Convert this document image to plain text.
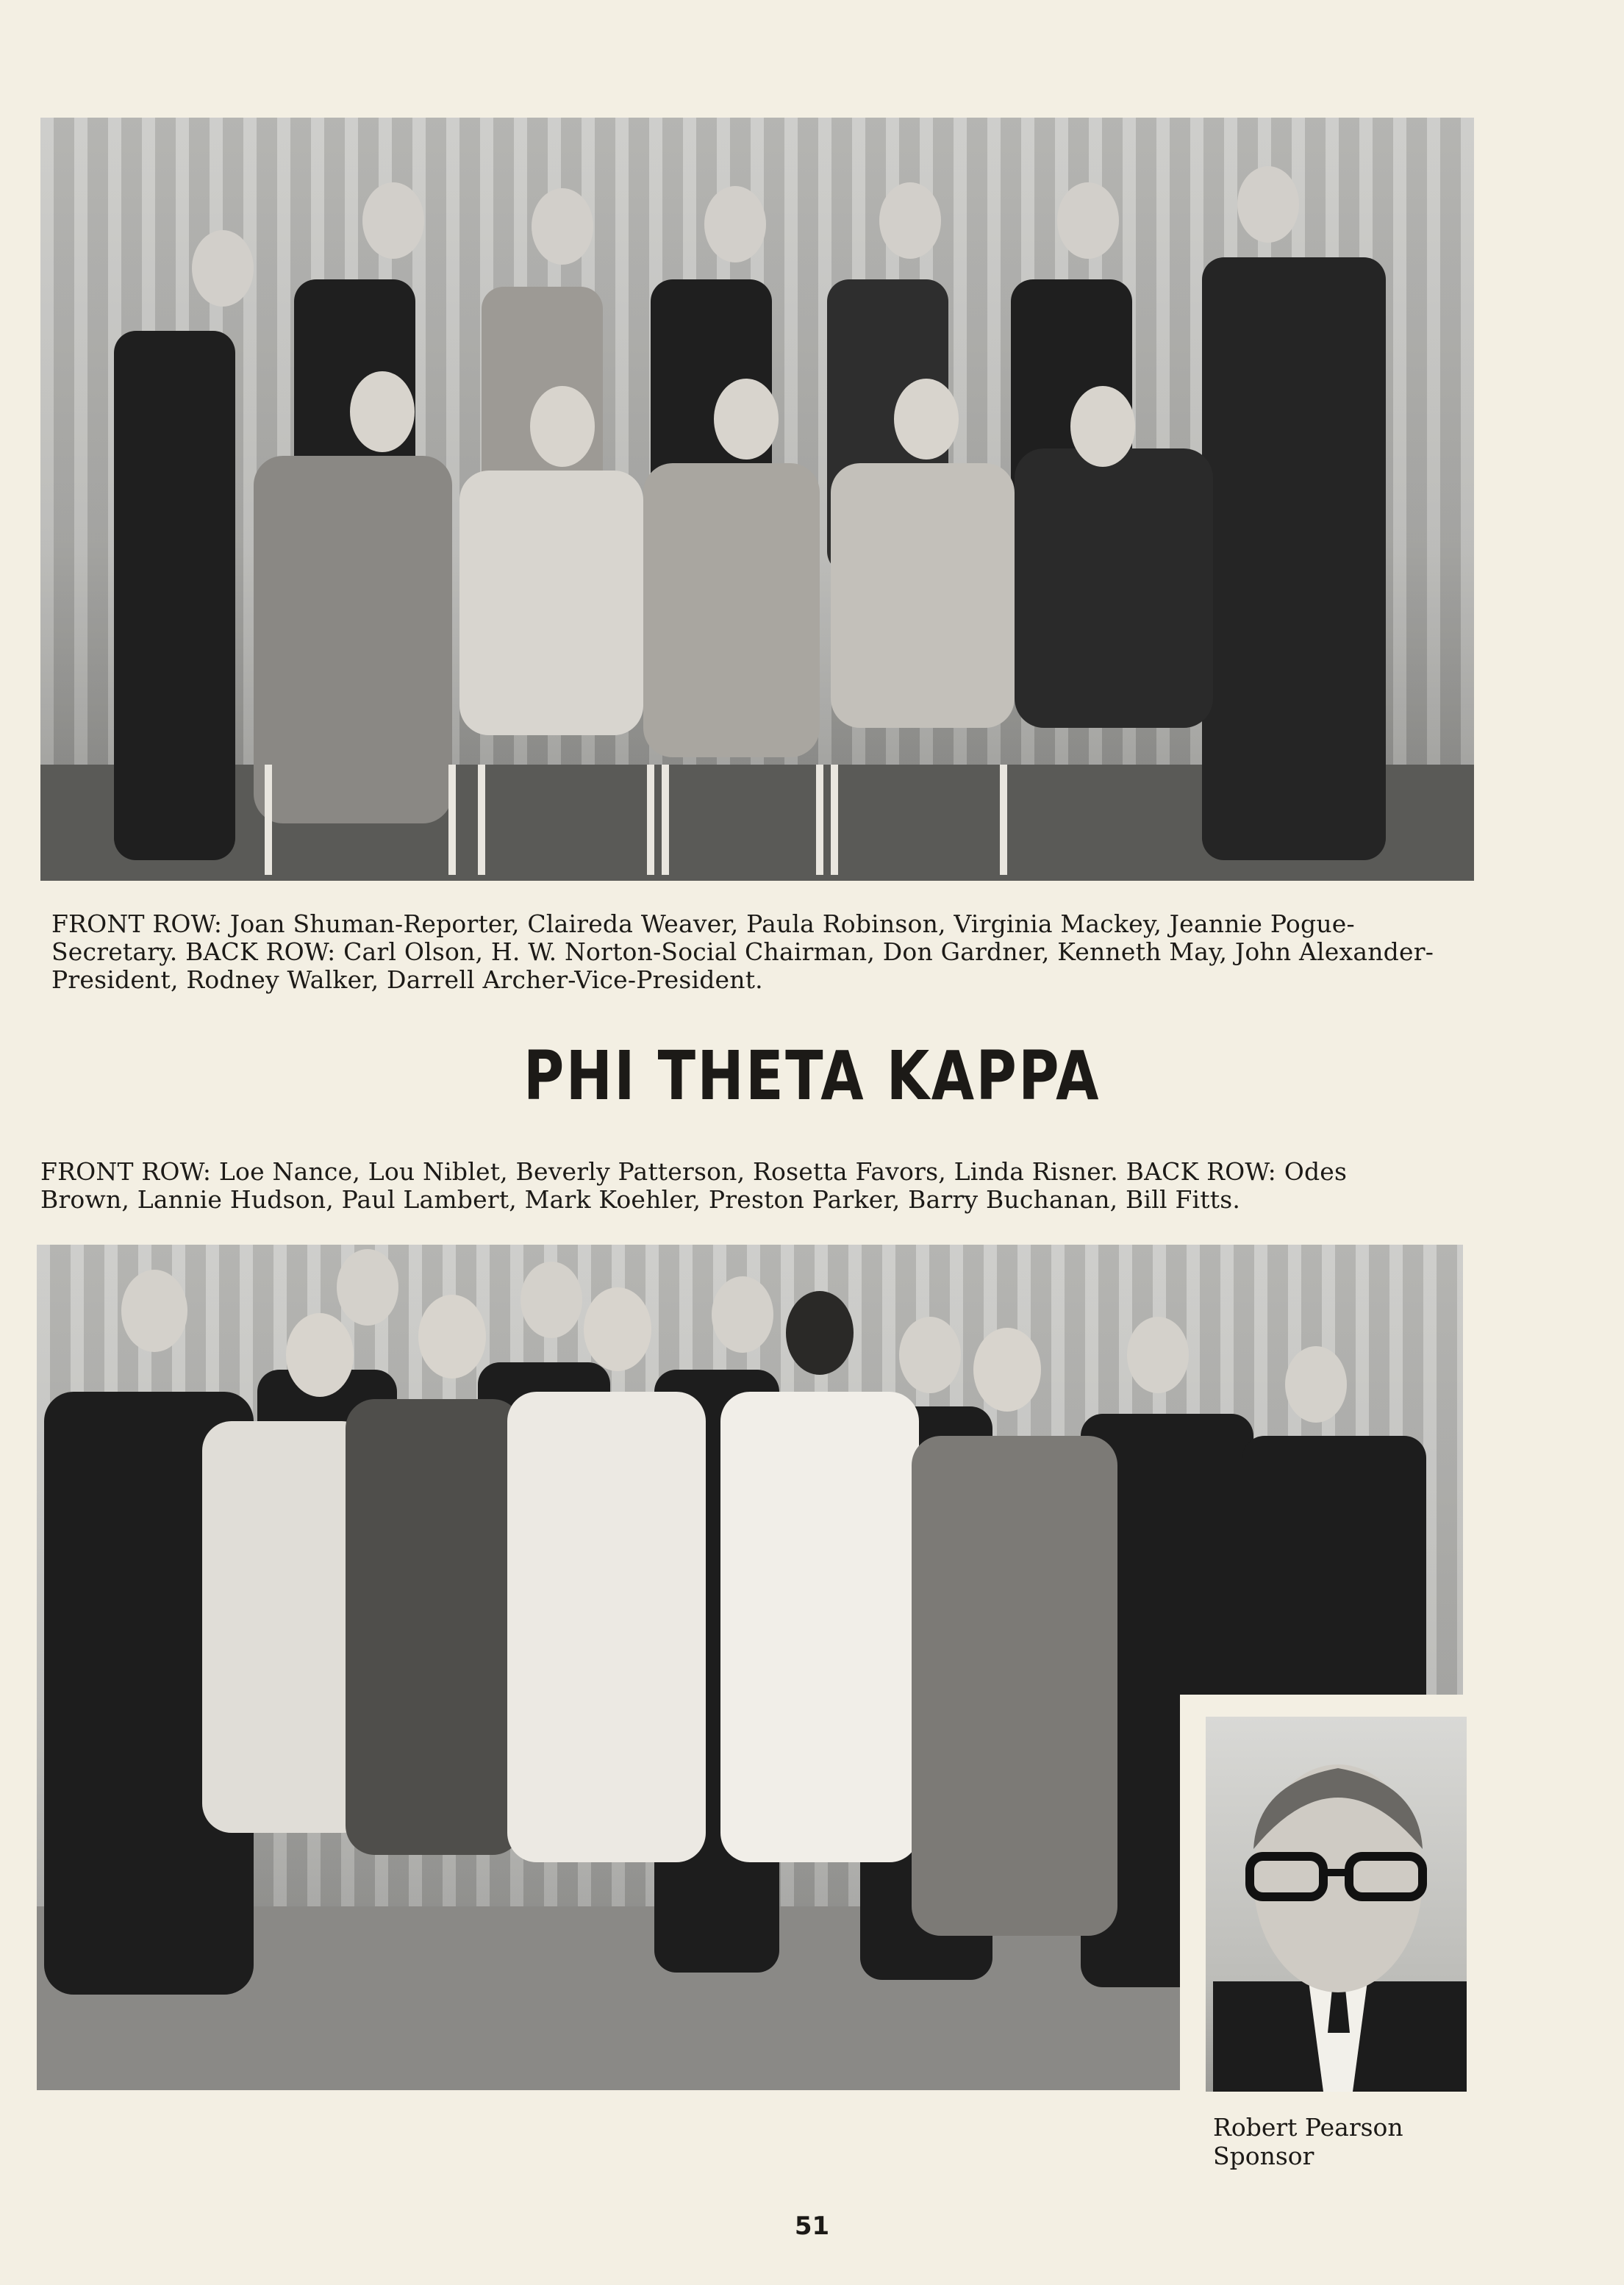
FRONT ROW: Joan Shuman-Reporter, Claireda Weaver, Paula Robinson, Virginia Mackey, Jeannie Pogue-Secretary. BACK ROW: Carl Olson, H. W. Norton-Social Chairman, Don Gardner, Kenneth May, John Alexander-President, Rodney Walker, Darrell Archer-Vice-President.

PHI THETA KAPPA

FRONT ROW: Loe Nance, Lou Niblet, Beverly Patterson, Rosetta Favors, Linda Risner. BACK ROW: Odes Brown, Lannie Hudson, Paul Lambert, Mark Koehler, Preston Parker, Barry Buchanan, Bill Fitts.

Robert Pearson

Sponsor

51
